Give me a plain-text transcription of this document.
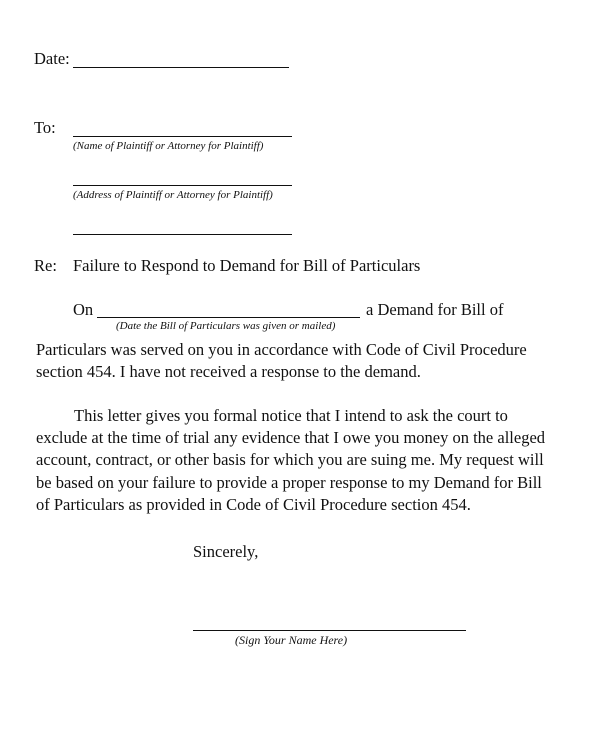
Date:
To:
(Name of Plaintiff or Attorney for Plaintiff)
(Address of Plaintiff or Attorney for Plaintiff)
Re: Failure to Respond to Demand for Bill of Particulars
On	a Demand for Bill of
(Date the Bill of Particulars was given or mailed)
Particulars was served on you in accordance with Code of Civil Procedure
section 454. I have not received a response to the demand.
This letter gives you formal notice that I intend to ask the court to
exclude at the time of trial any evidence that I owe you money on the alleged
account, contract, or other basis for which you are suing me. My request will
be based on your failure to provide a proper response to my Demand for Bill
of Particulars as provided in Code of Civil Procedure section 454.
Sincerely,
(Sign Your Name Here)
